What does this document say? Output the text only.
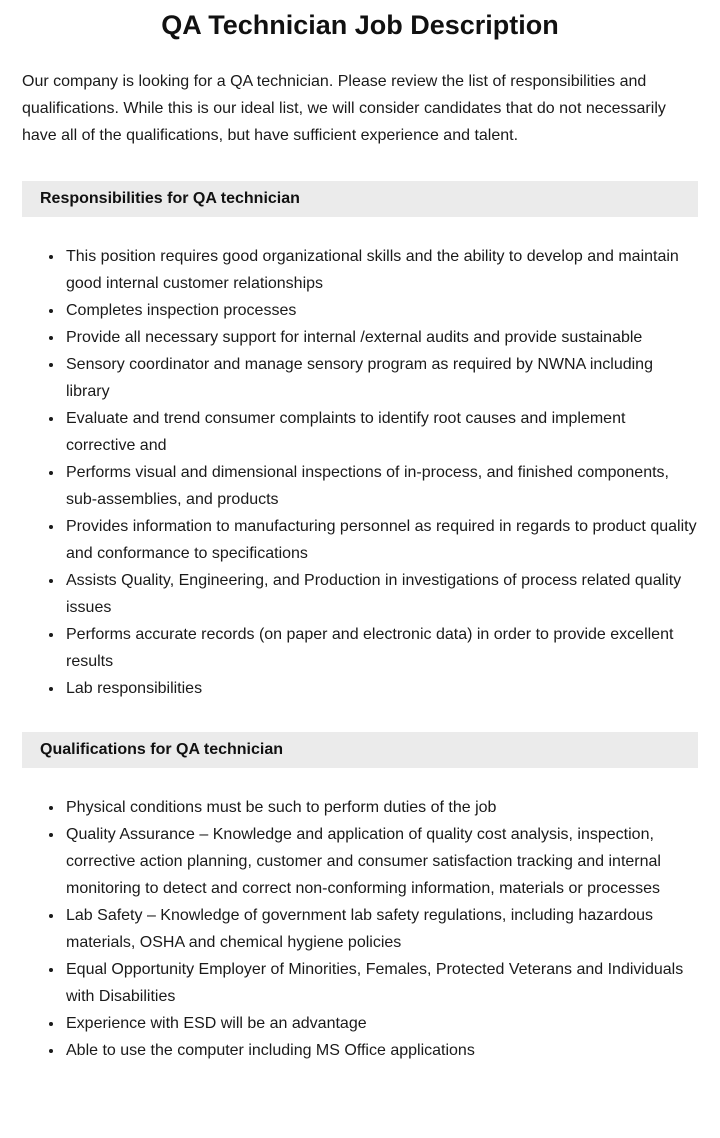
QA Technician Job Description

Our company is looking for a QA technician. Please review the list of responsibilities and qualifications. While this is our ideal list, we will consider candidates that do not necessarily have all of the qualifications, but have sufficient experience and talent.

Responsibilities for QA technician
• This position requires good organizational skills and the ability to develop and maintain good internal customer relationships
• Completes inspection processes
• Provide all necessary support for internal /external audits and provide sustainable
• Sensory coordinator and manage sensory program as required by NWNA including library
• Evaluate and trend consumer complaints to identify root causes and implement corrective and
• Performs visual and dimensional inspections of in-process, and finished components, sub-assemblies, and products
• Provides information to manufacturing personnel as required in regards to product quality and conformance to specifications
• Assists Quality, Engineering, and Production in investigations of process related quality issues
• Performs accurate records (on paper and electronic data) in order to provide excellent results
• Lab responsibilities
Qualifications for QA technician
• Physical conditions must be such to perform duties of the job
• Quality Assurance – Knowledge and application of quality cost analysis, inspection, corrective action planning, customer and consumer satisfaction tracking and internal monitoring to detect and correct non-conforming information, materials or processes
• Lab Safety – Knowledge of government lab safety regulations, including hazardous materials, OSHA and chemical hygiene policies
• Equal Opportunity Employer of Minorities, Females, Protected Veterans and Individuals with Disabilities
• Experience with ESD will be an advantage
• Able to use the computer including MS Office applications
